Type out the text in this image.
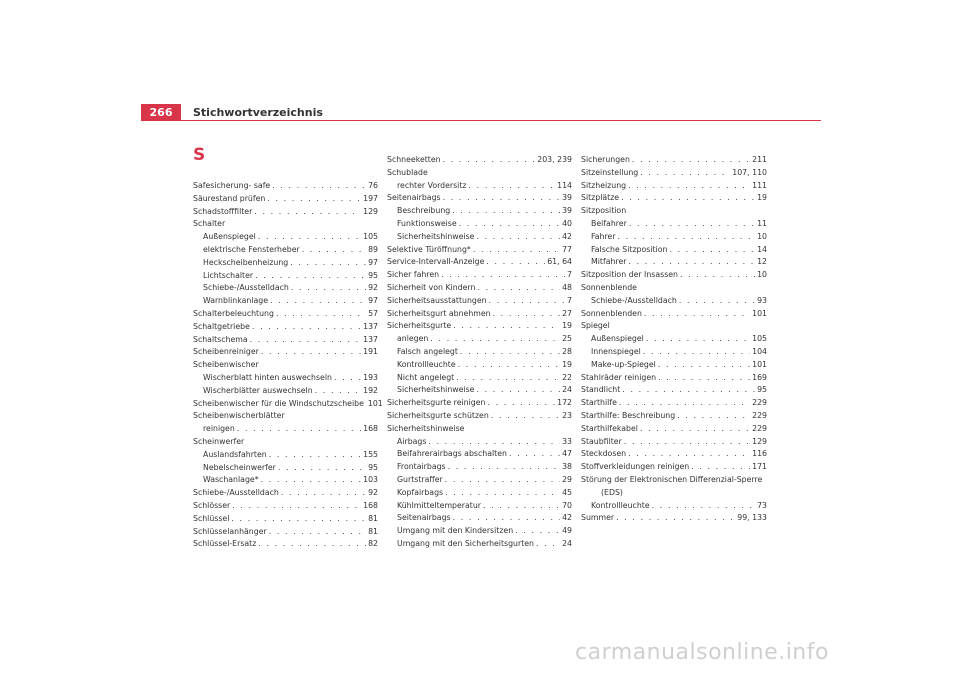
266	Stichwortverzeichnis
S
Safesicherung- safe . . .	76
Säurestand prüfen . . .	197
Schadstofffilter . . .	129
Schalter
Außenspiegel . . .	105
elektrische Fensterheber . . .	89
Heckscheibenheizung . . .	97
Lichtschalter . . .	95
Schiebe-/Ausstelldach . . .	92
Warnblinkanlage . . .	97
Schalterbeleuchtung . . .	57
Schaltgetriebe . . .	137
Schaltschema . . .	137
Scheibenreiniger . . .	191
Scheibenwischer
Wischerblatt hinten auswechseln . . .	193
Wischerblätter auswechseln . . .	192
Scheibenwischer für die Windschutzscheibe 101
Scheibenwischerblätter
reinigen . . .	168
Scheinwerfer
Auslandsfahrten . . .	155
Nebelscheinwerfer . . .	95
Waschanlage* . . .	103
Schiebe-/Ausstelldach . . .	92
Schlösser . . .	168
Schlüssel . . .	81
Schlüsselanhänger . . .	81
Schlüssel-Ersatz . . .	82
Schneeketten . . .	203, 239
Schublade
rechter Vordersitz . . .	114
Seitenairbags . . .	39
Beschreibung . . .	39
Funktionsweise . . .	40
Sicherheitshinweise . . .	42
Selektive Türöffnung* . . .	77
Service-Intervall-Anzeige . . .	61, 64
Sicher fahren . . .	7
Sicherheit von Kindern . . .	48
Sicherheitsausstattungen . . .	7
Sicherheitsgurt abnehmen . . .	27
Sicherheitsgurte . . .	19
anlegen . . .	25
Falsch angelegt . . .	28
Kontrollleuchte . . .	19
Nicht angelegt . . .	22
Sicherheitshinweise . . .	24
Sicherheitsgurte reinigen . . .	172
Sicherheitsgurte schützen . . .	23
Sicherheitshinweise
Airbags . . .	33
Beifahrerairbags abschalten . . .	47
Frontairbags . . .	38
Gurtstraffer . . .	29
Kopfairbags . . .	45
Kühlmitteltemperatur . . .	70
Seitenairbags . . .	42
Umgang mit den Kindersitzen . . .	49
Umgang mit den Sicherheitsgurten . . .	24
Sicherungen . . .	211
Sitzeinstellung . . .	107, 110
Sitzheizung . . .	111
Sitzplätze . . .	19
Sitzposition
Beifahrer . . .	11
Fahrer . . .	10
Falsche Sitzposition . . .	14
Mitfahrer . . .	12
Sitzposition der Insassen . . .	10
Sonnenblende
Schiebe-/Ausstelldach . . .	93
Sonnenblenden . . .	101
Spiegel
Außenspiegel . . .	105
Innenspiegel . . .	104
Make-up-Spiegel . . .	101
Stahlräder reinigen . . .	169
Standlicht . . .	95
Starthilfe . . .	229
Starthilfe: Beschreibung . . .	229
Starthilfekabel . . .	229
Staubfilter . . .	129
Steckdosen . . .	116
Stoffverkleidungen reinigen . . .	171
Störung der Elektronischen Differenzial-Sperre
(EDS)
Kontrollleuchte . . .	73
Summer . . .	99, 133
carmanualsonline.info
